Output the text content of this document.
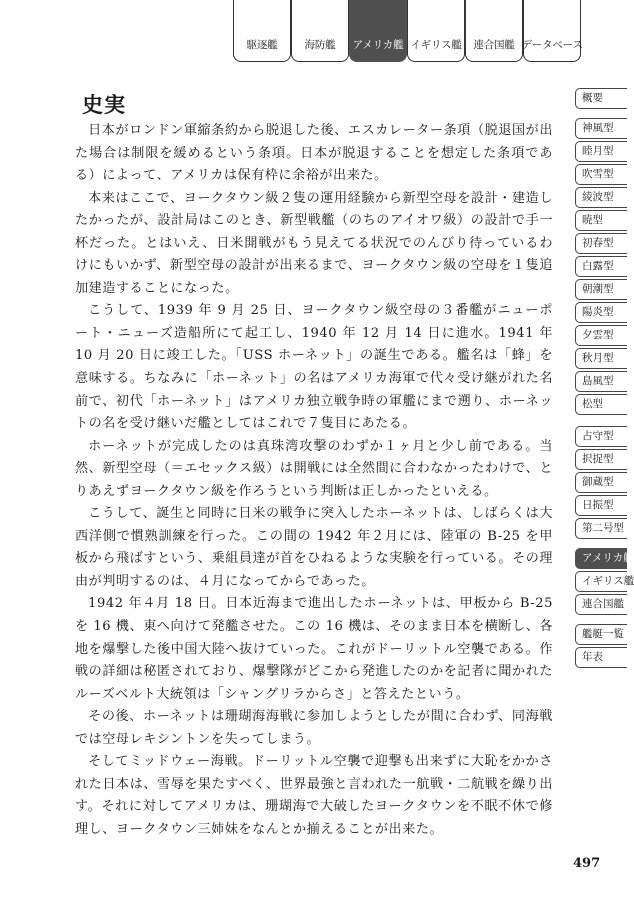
駆逐艦	海防艦	アメリカ艦 イギリス艦	連合国艦 データベース
史実

日本がロンドン軍縮条約から脱退した後、エスカレーター条項（脱退国が出た場合は制限を緩めるという条項。日本が脱退することを想定した条項である）によって、アメリカは保有枠に余裕が出来た。

本来はここで、ヨークタウン級２隻の運用経験から新型空母を設計・建造したかったが、設計局はこのとき、新型戦艦（のちのアイオワ級）の設計で手一杯だった。とはいえ、日米開戦がもう見えてる状況でのんびり待っているわけにもいかず、新型空母の設計が出来るまで、ヨークタウン級の空母を１隻追加建造することになった。

こうして、1939 年 9 月 25 日、ヨークタウン級空母の３番艦がニューポート・ニューズ造船所にて起工し、1940 年 12 月 14 日に進水。1941 年 10 月 20 日に竣工した。「USS ホーネット」の誕生である。艦名は「蜂」を意味する。ちなみに「ホーネット」の名はアメリカ海軍で代々受け継がれた名前で、初代「ホーネット」はアメリカ独立戦争時の軍艦にまで遡り、ホーネットの名を受け継いだ艦としてはこれで７隻目にあたる。

ホーネットが完成したのは真珠湾攻撃のわずか１ヶ月と少し前である。当然、新型空母（＝エセックス級）は開戦には全然間に合わなかったわけで、とりあえずヨークタウン級を作ろうという判断は正しかったといえる。

こうして、誕生と同時に日米の戦争に突入したホーネットは、しばらくは大西洋側で慣熟訓練を行った。この間の 1942 年２月には、陸軍の B-25 を甲板から飛ばすという、乗組員達が首をひねるような実験を行っている。その理由が判明するのは、４月になってからであった。

1942 年４月 18 日。日本近海まで進出したホーネットは、甲板から B-25 を 16 機、東へ向けて発艦させた。この 16 機は、そのまま日本を横断し、各地を爆撃した後中国大陸へ抜けていった。これがドーリットル空襲である。作戦の詳細は秘匿されており、爆撃隊がどこから発進したのかを記者に聞かれたルーズベルト大統領は「シャングリラからさ」と答えたという。

その後、ホーネットは珊瑚海海戦に参加しようとしたが間に合わず、同海戦では空母レキシントンを失ってしまう。

そしてミッドウェー海戦。ドーリットル空襲で迎撃も出来ずに大恥をかかされた日本は、雪辱を果たすべく、世界最強と言われた一航戦・二航戦を繰り出す。それに対してアメリカは、珊瑚海で大破したヨークタウンを不眠不休で修理し、ヨークタウン三姉妹をなんとか揃えることが出来た。

概要
神風型
睦月型
吹雪型
綾波型
暁型
初春型
白露型
朝潮型
陽炎型
夕雲型
秋月型
島風型
松型
占守型
択捉型
御蔵型
日振型
第二号型
アメリカ艦
イギリス艦
連合国艦
艦艇一覧
年表
497
